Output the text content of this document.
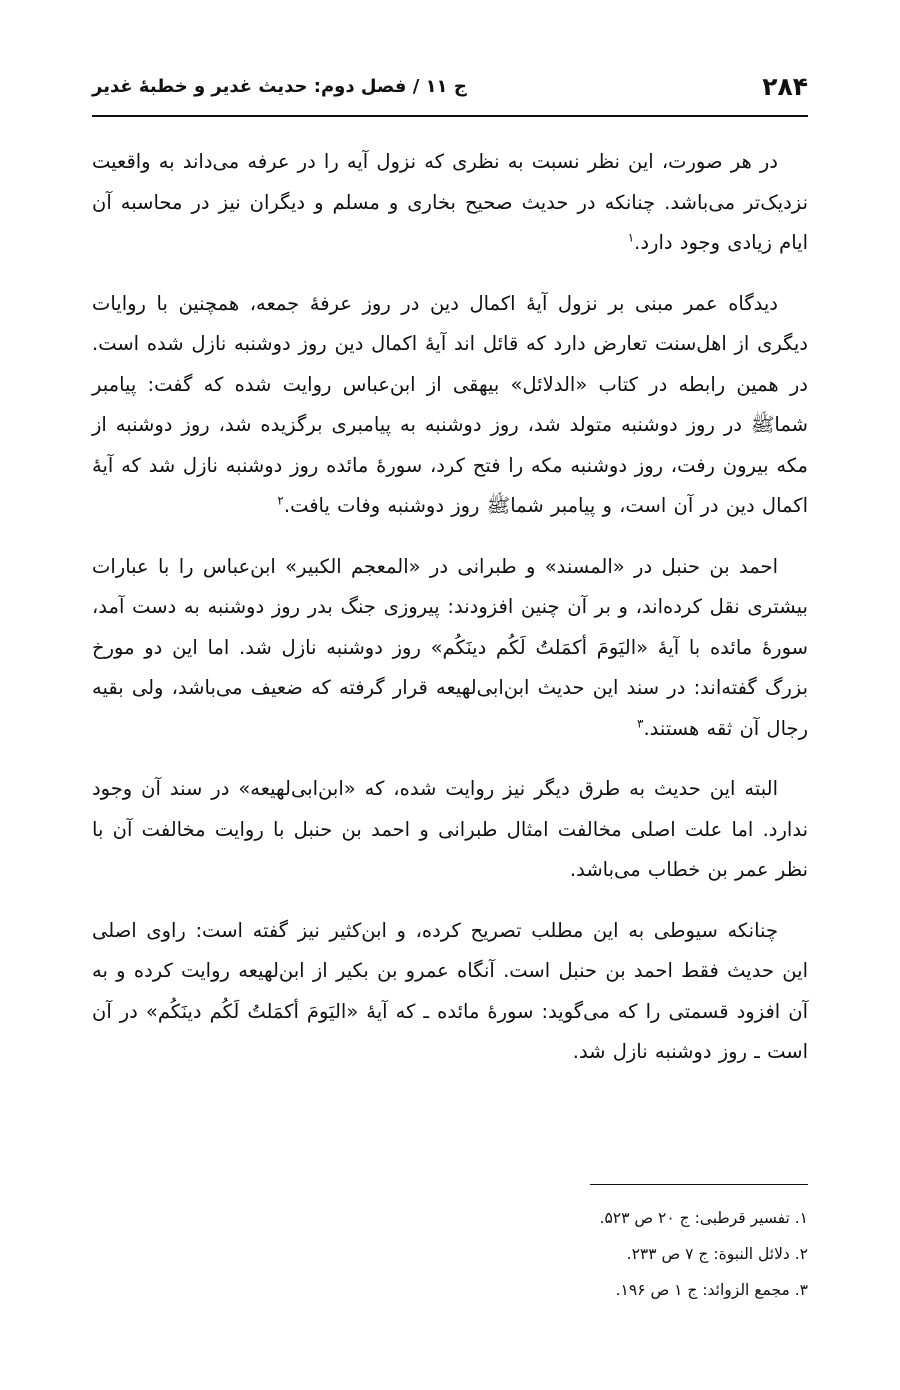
۲۸۴
ج ۱۱ / فصل دوم: حدیث غدیر و خطبهٔ غدیر

در هر صورت، این نظر نسبت به نظری که نزول آیه را در عرفه می‌داند به واقعیت نزدیک‌تر می‌باشد. چنانکه در حدیث صحیح بخاری و مسلم و دیگران نیز در محاسبه آن ایام زیادی وجود دارد.$^۱$

دیدگاه عمر مبنی بر نزول آیهٔ اکمال دین در روز عرفهٔ جمعه، همچنین با روایات دیگری از اهل‌سنت تعارض دارد که قائل اند آیهٔ اکمال دین روز دوشنبه نازل شده است. در همین رابطه در کتاب «الدلائل» بیهقی از ابن‌عباس روایت شده که گفت: پیامبر شماﷺ در روز دوشنبه متولد شد، روز دوشنبه به پیامبری برگزیده شد، روز دوشنبه از مکه بیرون رفت، روز دوشنبه مکه را فتح کرد، سورهٔ مائده روز دوشنبه نازل شد که آیهٔ اکمال دین در آن است، و پیامبر شماﷺ روز دوشنبه وفات یافت.$^۲$

احمد بن حنبل در «المسند» و طبرانی در «المعجم الکبیر» ابن‌عباس را با عبارات بیشتری نقل کرده‌اند، و بر آن چنین افزودند: پیروزی جنگ بدر روز دوشنبه به دست آمد، سورهٔ مائده با آیهٔ «الیَومَ أکمَلتُ لَکُم دینَکُم» روز دوشنبه نازل شد. اما این دو مورخ بزرگ گفته‌اند: در سند این حدیث ابن‌ابی‌لهیعه قرار گرفته که ضعیف می‌باشد، ولی بقیه رجال آن ثقه هستند.$^۳$

البته این حدیث به طرق دیگر نیز روایت شده، که «ابن‌ابی‌لهیعه» در سند آن وجود ندارد. اما علت اصلی مخالفت امثال طبرانی و احمد بن حنبل با روایت مخالفت آن با نظر عمر بن خطاب می‌باشد.

چنانکه سیوطی به این مطلب تصریح کرده، و ابن‌کثیر نیز گفته است: راوی اصلی این حدیث فقط احمد بن حنبل است. آنگاه عمرو بن بکیر از ابن‌لهیعه روایت کرده و به آن افزود قسمتی را که می‌گوید: سورهٔ مائده ـ که آیهٔ «الیَومَ أکمَلتُ لَکُم دینَکُم» در آن است ـ روز دوشنبه نازل شد.

۱. تفسیر قرطبی: ج ۲۰ ص ۵۲۳.

۲. دلائل النبوة: ج ۷ ص ۲۳۳.

۳. مجمع الزوائد: ج ۱ ص ۱۹۶.
